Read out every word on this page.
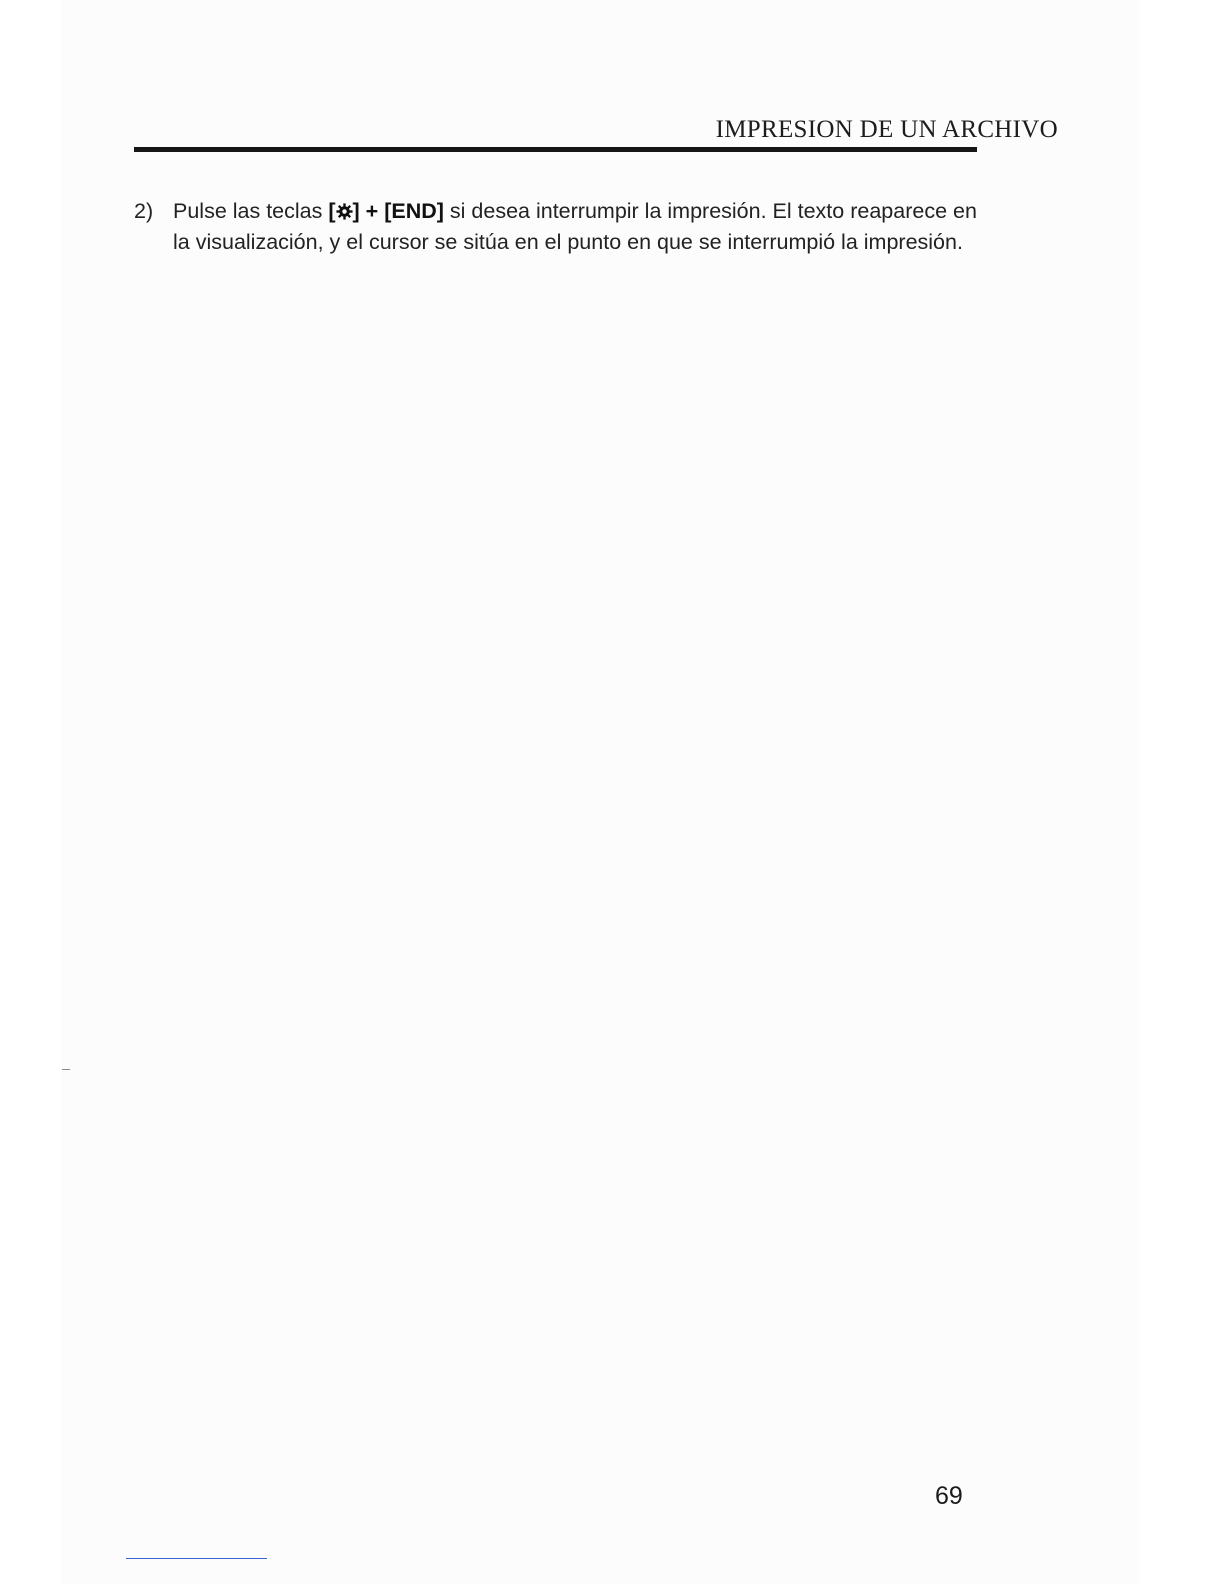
IMPRESION DE UN ARCHIVO
2) Pulse las teclas [ ] + [END] si desea interrumpir la impresión. El texto reaparece en la visualización, y el cursor se sitúa en el punto en que se interrumpió la impresión.
69
